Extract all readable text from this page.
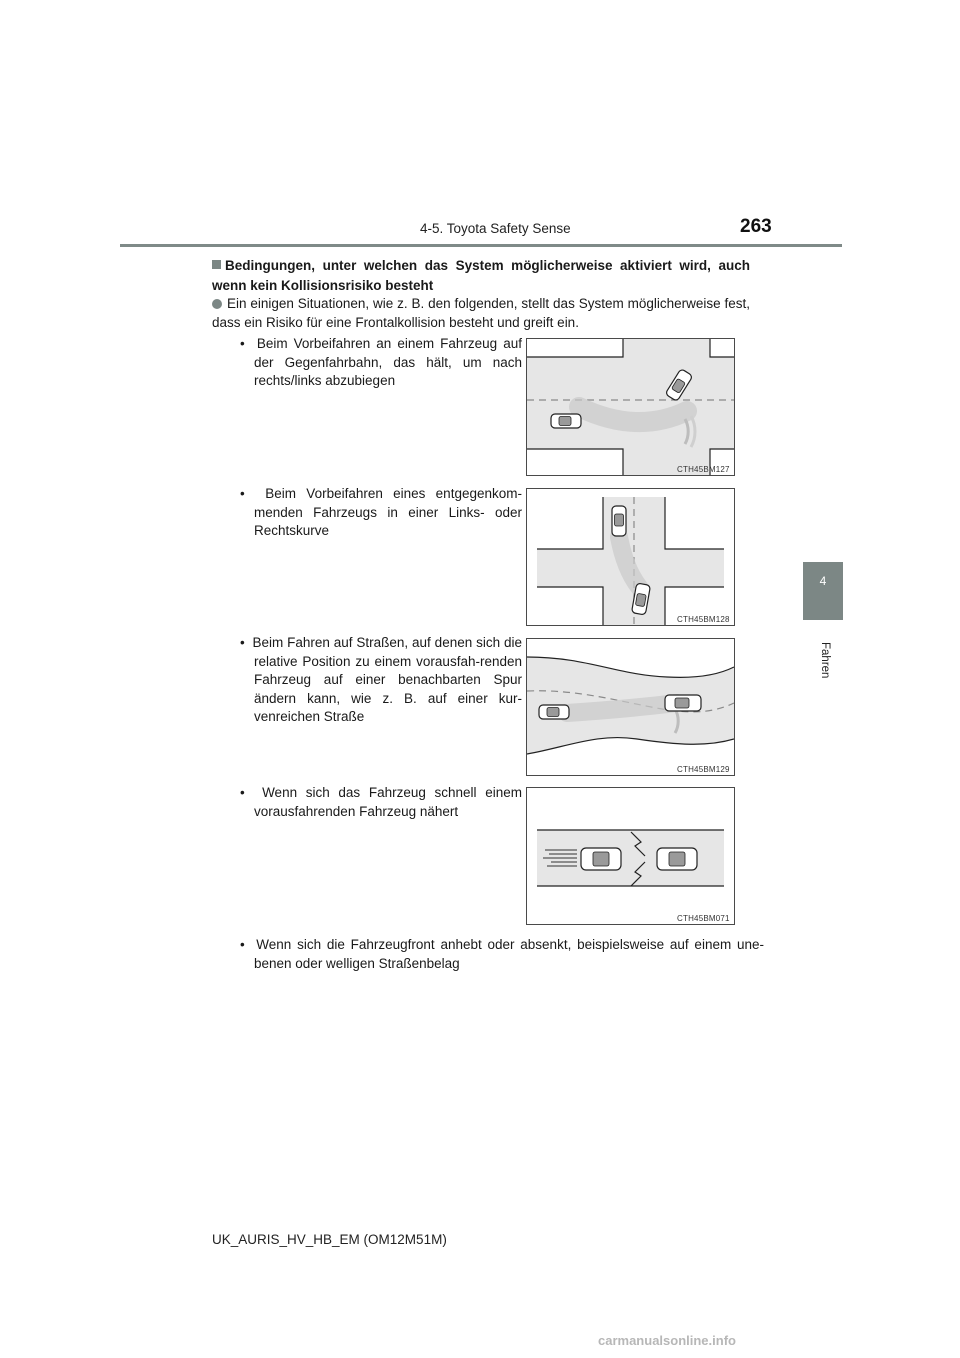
4-5. Toyota Safety Sense	263
4
Fahren
Bedingungen, unter welchen das System möglicherweise aktiviert wird, auch wenn kein Kollisionsrisiko besteht
Ein einigen Situationen, wie z. B. den folgenden, stellt das System möglicherweise fest, dass ein Risiko für eine Frontalkollision besteht und greift ein.
• Beim Vorbeifahren an einem Fahrzeug auf der Gegenfahrbahn, das hält, um nach rechts/links abzubiegen
CTH45BM127
• Beim Vorbeifahren eines entgegenkom-menden Fahrzeugs in einer Links- oder Rechtskurve
CTH45BM128
• Beim Fahren auf Straßen, auf denen sich die relative Position zu einem vorausfah-renden Fahrzeug auf einer benachbarten Spur ändern kann, wie z. B. auf einer kur-venreichen Straße
CTH45BM129
• Wenn sich das Fahrzeug schnell einem vorausfahrenden Fahrzeug nähert
CTH45BM071
• Wenn sich die Fahrzeugfront anhebt oder absenkt, beispielsweise auf einem une-benen oder welligen Straßenbelag
UK_AURIS_HV_HB_EM (OM12M51M)
carmanualsonline.info
